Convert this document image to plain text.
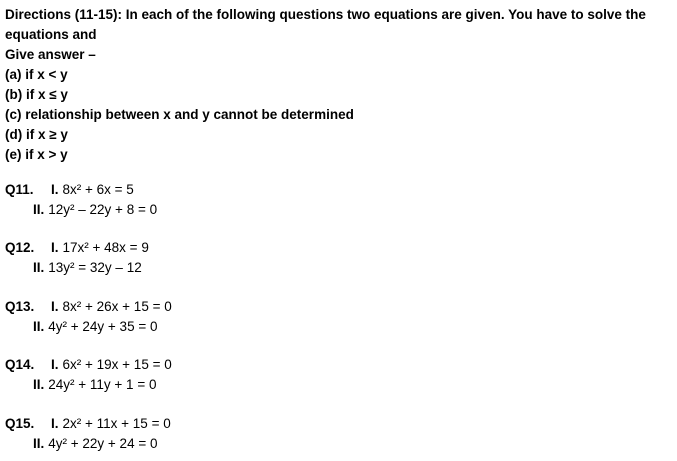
Directions (11-15): In each of the following questions two equations are given. You have to solve the equations and
Give answer –
(a) if x < y
(b) if x ≤ y
(c) relationship between x and y cannot be determined
(d) if x ≥ y
(e) if x > y
Q11.	I. 8x² + 6x = 5
II. 12y² – 22y + 8 = 0
Q12.	I. 17x² + 48x = 9
II. 13y² = 32y – 12
Q13.	I. 8x² + 26x + 15 = 0
II. 4y² + 24y + 35 = 0
Q14.	I. 6x² + 19x + 15 = 0
II. 24y² + 11y + 1 = 0
Q15.	I. 2x² + 11x + 15 = 0
II. 4y² + 22y + 24 = 0
